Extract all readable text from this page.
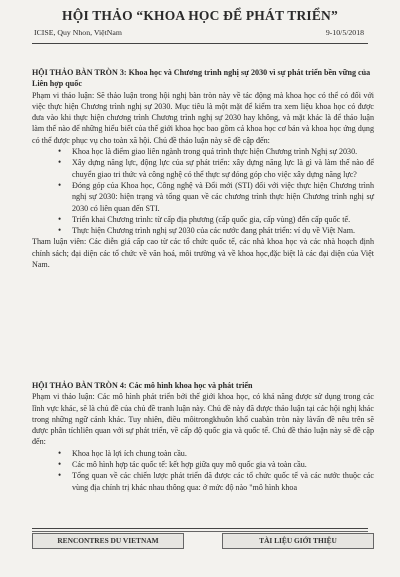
HỘI THẢO “KHOA HỌC ĐỂ PHÁT TRIỂN”
ICISE, Quy Nhon, ViệtNam	9-10/5/2018

HỘI THẢO BÀN TRÒN 3: Khoa học và Chương trình nghị sự 2030 vì sự phát triển bền vững của Liên hợp quốc

Phạm vi thảo luận: Sẽ thảo luận trong hội nghị bàn tròn này về tác động mà khoa học có thể có đối với việc thực hiện Chương trình nghị sự 2030. Mục tiêu là một mặt để kiểm tra xem liệu khoa học có được đưa vào khi thực hiện chương trình Chương trình nghị sự 2030 hay không, và mặt khác là để thảo luận làm thế nào để những hiểu biết của thế giới khoa học bao gồm cả khoa học cơ bản và khoa học ứng dụng có thể được phục vụ cho toàn xã hội. Chủ đề thảo luận này sẽ đề cập đến:

• Khoa học là điểm giao liên ngành trong quá trình thực hiện Chương trình Nghị sự 2030.
• Xây dựng năng lực, động lực của sự phát triển: xây dựng năng lực là gì và làm thế nào để chuyển giao tri thức và công nghệ có thể thực sự đóng góp cho việc xây dựng năng lực?
• Đóng góp của Khoa học, Công nghệ và Đổi mới (STI) đối với việc thực hiện Chương trình nghị sự 2030: hiện trạng và tổng quan về các chương trình thực hiện Chương trình nghị sự 2030 có liên quan đến STI.
• Triển khai Chương trình: từ cấp địa phương (cấp quốc gia, cấp vùng) đến cấp quốc tế.
• Thực hiện Chương trình nghị sự 2030 của các nước đang phát triển: ví dụ về Việt Nam.

Tham luận viên: Các diễn giả cấp cao từ các tổ chức quốc tế, các nhà khoa học và các nhà hoạch định chính sách; đại diện các tổ chức về văn hoá, môi trường và về khoa học,đặc biệt là các đại diện của Việt Nam.

HỘI THẢO BÀN TRÒN 4: Các mô hình khoa học và phát triển

Phạm vi thảo luận: Các mô hình phát triển bởi thế giới khoa học, có khả năng được sử dụng trong các lĩnh vực khác, sẽ là chủ đề của chủ đề tranh luận này. Chủ đề này đã được thảo luận tại các hội nghị khác trong những ngữ cảnh khác. Tuy nhiên, điều môitrongkhuôn khổ cuabàn tròn này làvấn đề nêu trên sẽ được phân tíchliên quan với sự phát triển, về cấp độ quốc gia và quốc tế. Chủ đề thảo luận này sẽ đề cập đến:

• Khoa học là lợi ích chung toàn cầu.
• Các mô hình hợp tác quốc tế: kết hợp giữa quy mô quốc gia và toàn cầu.
• Tổng quan về các chiến lược phát triển đã được các tổ chức quốc tế và các nước thuộc các vùng địa chính trị khác nhau thông qua: ở mức độ nào "mô hình khoa
RENCONTRES DU VIETNAM	TÀI LIỆU GIỚI THIỆU
